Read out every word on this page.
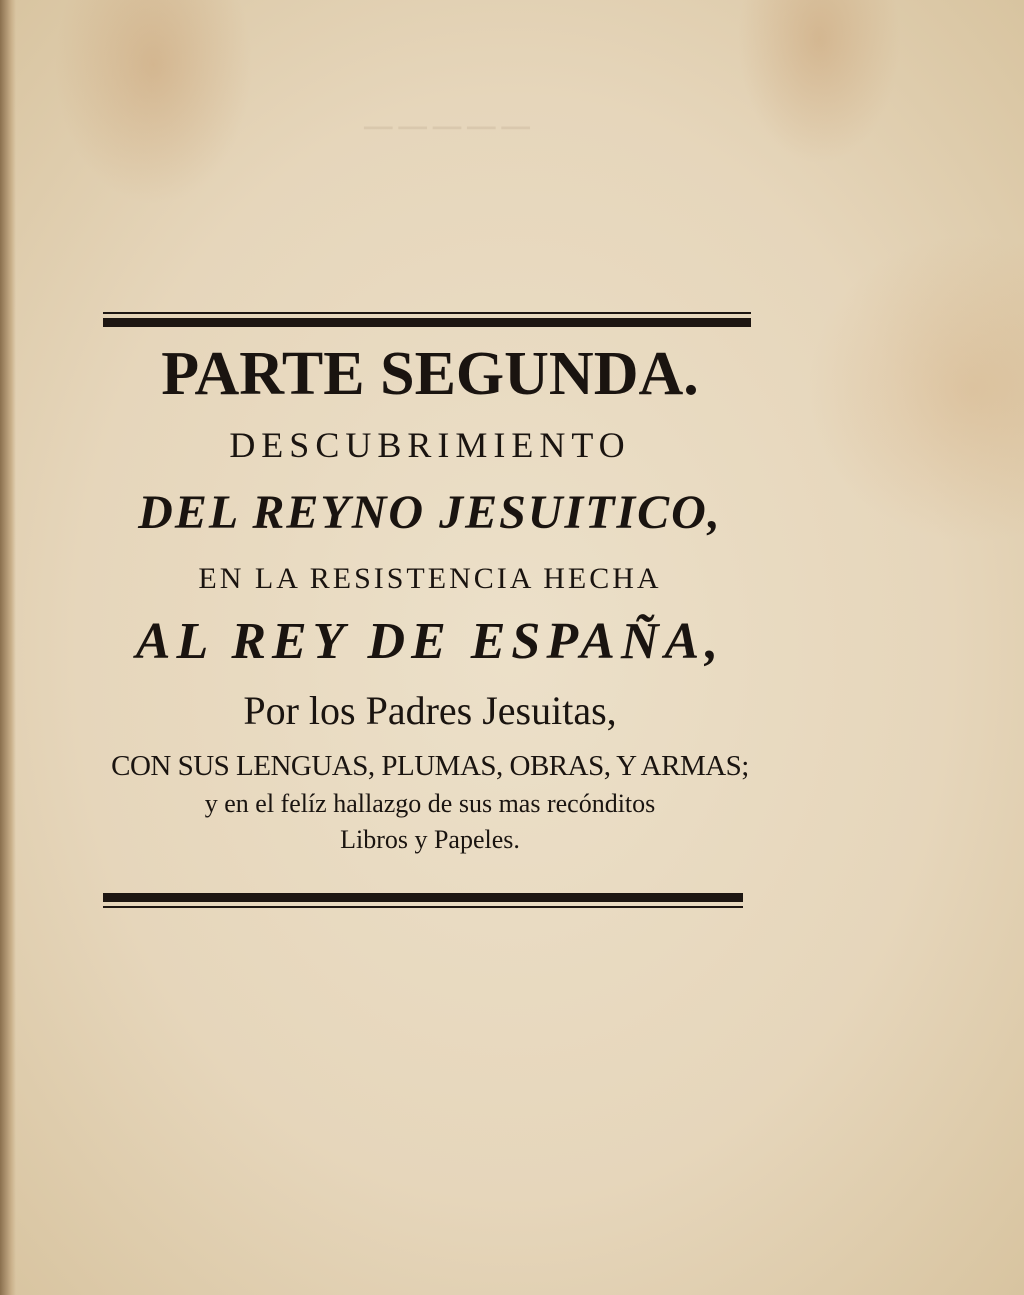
─────

PARTE SEGUNDA.
DESCUBRIMIENTO
DEL REYNO JESUITICO,
EN LA RESISTENCIA HECHA
AL REY DE ESPAÑA,
Por los Padres Jesuitas,
CON SUS LENGUAS, PLUMAS, OBRAS, Y ARMAS;
y en el felíz hallazgo de sus mas recónditos
Libros y Papeles.
